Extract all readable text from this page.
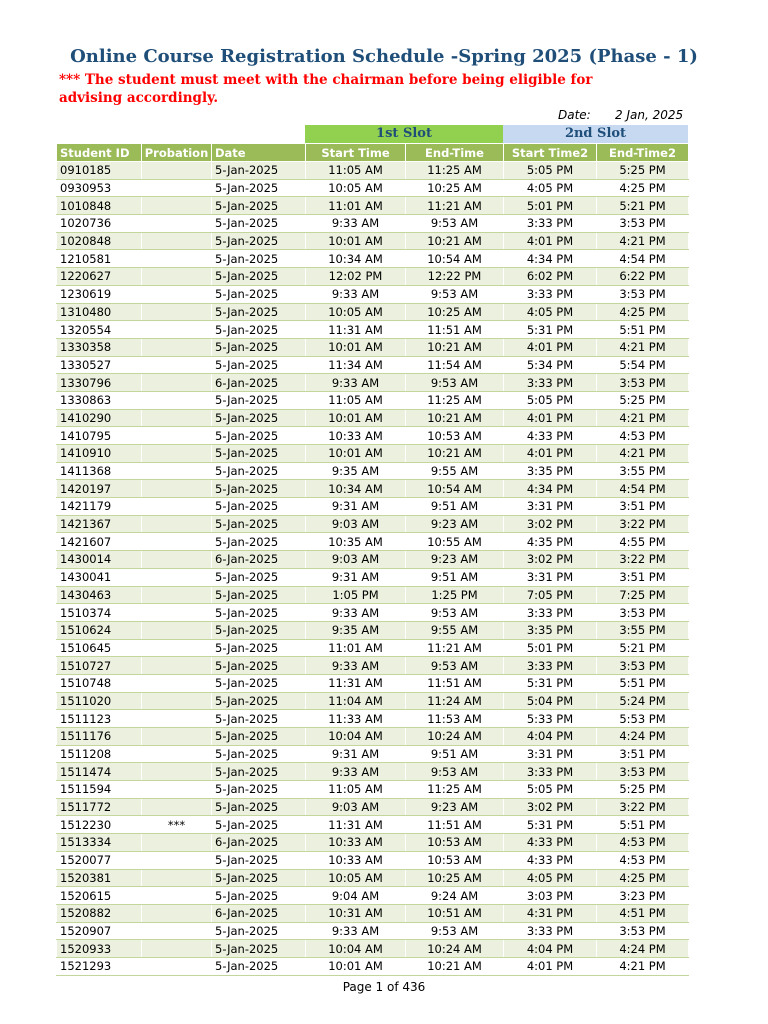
Online Course Registration Schedule -Spring 2025 (Phase - 1)
*** The student must meet with the chairman before being eligible for advising accordingly.
Date: 2 Jan, 2025
1st Slot	2nd Slot
Student ID	Probation	Date	Start Time	End-Time	Start Time2	End-Time2
0910185		5-Jan-2025	11:05 AM	11:25 AM	5:05 PM	5:25 PM
0930953		5-Jan-2025	10:05 AM	10:25 AM	4:05 PM	4:25 PM
1010848		5-Jan-2025	11:01 AM	11:21 AM	5:01 PM	5:21 PM
1020736		5-Jan-2025	9:33 AM	9:53 AM	3:33 PM	3:53 PM
1020848		5-Jan-2025	10:01 AM	10:21 AM	4:01 PM	4:21 PM
1210581		5-Jan-2025	10:34 AM	10:54 AM	4:34 PM	4:54 PM
1220627		5-Jan-2025	12:02 PM	12:22 PM	6:02 PM	6:22 PM
1230619		5-Jan-2025	9:33 AM	9:53 AM	3:33 PM	3:53 PM
1310480		5-Jan-2025	10:05 AM	10:25 AM	4:05 PM	4:25 PM
1320554		5-Jan-2025	11:31 AM	11:51 AM	5:31 PM	5:51 PM
1330358		5-Jan-2025	10:01 AM	10:21 AM	4:01 PM	4:21 PM
1330527		5-Jan-2025	11:34 AM	11:54 AM	5:34 PM	5:54 PM
1330796		6-Jan-2025	9:33 AM	9:53 AM	3:33 PM	3:53 PM
1330863		5-Jan-2025	11:05 AM	11:25 AM	5:05 PM	5:25 PM
1410290		5-Jan-2025	10:01 AM	10:21 AM	4:01 PM	4:21 PM
1410795		5-Jan-2025	10:33 AM	10:53 AM	4:33 PM	4:53 PM
1410910		5-Jan-2025	10:01 AM	10:21 AM	4:01 PM	4:21 PM
1411368		5-Jan-2025	9:35 AM	9:55 AM	3:35 PM	3:55 PM
1420197		5-Jan-2025	10:34 AM	10:54 AM	4:34 PM	4:54 PM
1421179		5-Jan-2025	9:31 AM	9:51 AM	3:31 PM	3:51 PM
1421367		5-Jan-2025	9:03 AM	9:23 AM	3:02 PM	3:22 PM
1421607		5-Jan-2025	10:35 AM	10:55 AM	4:35 PM	4:55 PM
1430014		6-Jan-2025	9:03 AM	9:23 AM	3:02 PM	3:22 PM
1430041		5-Jan-2025	9:31 AM	9:51 AM	3:31 PM	3:51 PM
1430463		5-Jan-2025	1:05 PM	1:25 PM	7:05 PM	7:25 PM
1510374		5-Jan-2025	9:33 AM	9:53 AM	3:33 PM	3:53 PM
1510624		5-Jan-2025	9:35 AM	9:55 AM	3:35 PM	3:55 PM
1510645		5-Jan-2025	11:01 AM	11:21 AM	5:01 PM	5:21 PM
1510727		5-Jan-2025	9:33 AM	9:53 AM	3:33 PM	3:53 PM
1510748		5-Jan-2025	11:31 AM	11:51 AM	5:31 PM	5:51 PM
1511020		5-Jan-2025	11:04 AM	11:24 AM	5:04 PM	5:24 PM
1511123		5-Jan-2025	11:33 AM	11:53 AM	5:33 PM	5:53 PM
1511176		5-Jan-2025	10:04 AM	10:24 AM	4:04 PM	4:24 PM
1511208		5-Jan-2025	9:31 AM	9:51 AM	3:31 PM	3:51 PM
1511474		5-Jan-2025	9:33 AM	9:53 AM	3:33 PM	3:53 PM
1511594		5-Jan-2025	11:05 AM	11:25 AM	5:05 PM	5:25 PM
1511772		5-Jan-2025	9:03 AM	9:23 AM	3:02 PM	3:22 PM
1512230	***	5-Jan-2025	11:31 AM	11:51 AM	5:31 PM	5:51 PM
1513334		6-Jan-2025	10:33 AM	10:53 AM	4:33 PM	4:53 PM
1520077		5-Jan-2025	10:33 AM	10:53 AM	4:33 PM	4:53 PM
1520381		5-Jan-2025	10:05 AM	10:25 AM	4:05 PM	4:25 PM
1520615		5-Jan-2025	9:04 AM	9:24 AM	3:03 PM	3:23 PM
1520882		6-Jan-2025	10:31 AM	10:51 AM	4:31 PM	4:51 PM
1520907		5-Jan-2025	9:33 AM	9:53 AM	3:33 PM	3:53 PM
1520933		5-Jan-2025	10:04 AM	10:24 AM	4:04 PM	4:24 PM
1521293		5-Jan-2025	10:01 AM	10:21 AM	4:01 PM	4:21 PM
Page 1 of 436
